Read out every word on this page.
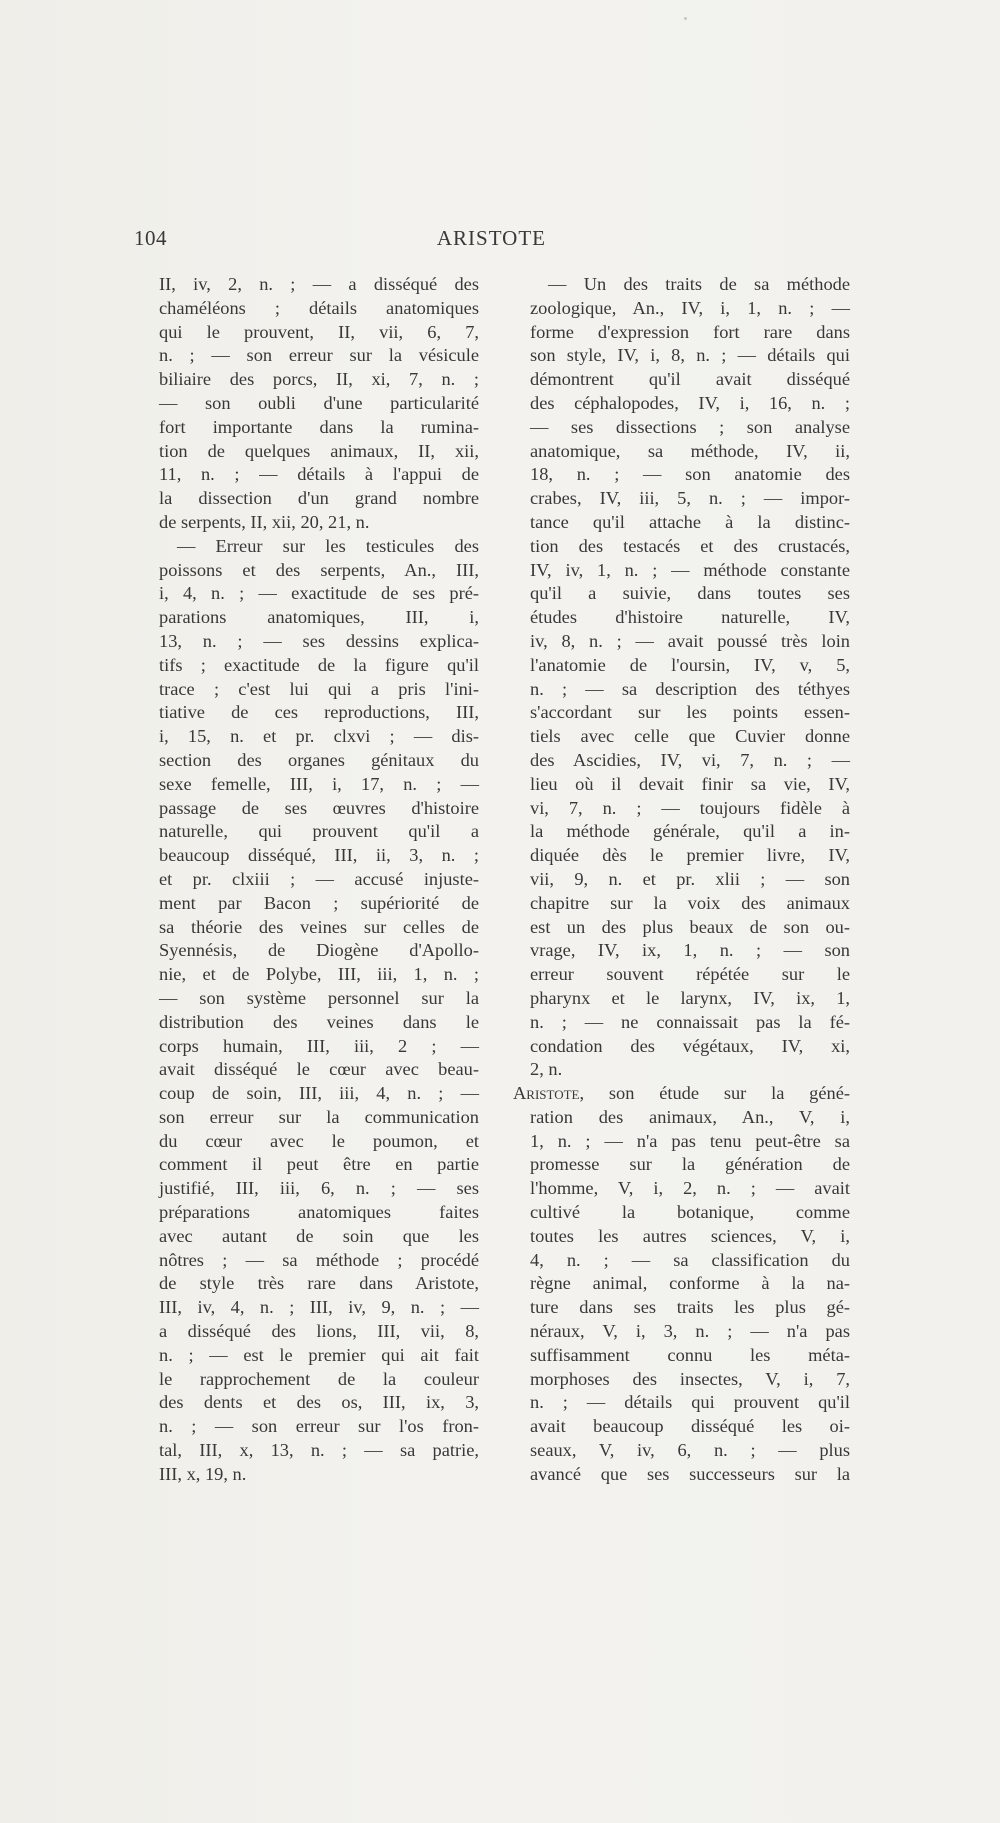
104	ARISTOTE
II, iv, 2, n. ; — a disséqué des
chaméléons ; détails anatomiques
qui le prouvent, II, vii, 6, 7,
n. ; — son erreur sur la vésicule
biliaire des porcs, II, xi, 7, n. ;
— son oubli d'une particularité
fort importante dans la rumina-
tion de quelques animaux, II, xii,
11, n. ; — détails à l'appui de
la dissection d'un grand nombre
de serpents, II, xii, 20, 21, n.
— Erreur sur les testicules des
poissons et des serpents, An., III,
i, 4, n. ; — exactitude de ses pré-
parations anatomiques, III, i,
13, n. ; — ses dessins explica-
tifs ; exactitude de la figure qu'il
trace ; c'est lui qui a pris l'ini-
tiative de ces reproductions, III,
i, 15, n. et pr. clxvi ; — dis-
section des organes génitaux du
sexe femelle, III, i, 17, n. ; —
passage de ses œuvres d'histoire
naturelle, qui prouvent qu'il a
beaucoup disséqué, III, ii, 3, n. ;
et pr. clxiii ; — accusé injuste-
ment par Bacon ; supériorité de
sa théorie des veines sur celles de
Syennésis, de Diogène d'Apollo-
nie, et de Polybe, III, iii, 1, n. ;
— son système personnel sur la
distribution des veines dans le
corps humain, III, iii, 2 ; —
avait disséqué le cœur avec beau-
coup de soin, III, iii, 4, n. ; —
son erreur sur la communication
du cœur avec le poumon, et
comment il peut être en partie
justifié, III, iii, 6, n. ; — ses
préparations anatomiques faites
avec autant de soin que les
nôtres ; — sa méthode ; procédé
de style très rare dans Aristote,
III, iv, 4, n. ; III, iv, 9, n. ; —
a disséqué des lions, III, vii, 8,
n. ; — est le premier qui ait fait
le rapprochement de la couleur
des dents et des os, III, ix, 3,
n. ; — son erreur sur l'os fron-
tal, III, x, 13, n. ; — sa patrie,
III, x, 19, n.
— Un des traits de sa méthode
zoologique, An., IV, i, 1, n. ; —
forme d'expression fort rare dans
son style, IV, i, 8, n. ; — détails qui
démontrent qu'il avait disséqué
des céphalopodes, IV, i, 16, n. ;
— ses dissections ; son analyse
anatomique, sa méthode, IV, ii,
18, n. ; — son anatomie des
crabes, IV, iii, 5, n. ; — impor-
tance qu'il attache à la distinc-
tion des testacés et des crustacés,
IV, iv, 1, n. ; — méthode constante
qu'il a suivie, dans toutes ses
études d'histoire naturelle, IV,
iv, 8, n. ; — avait poussé très loin
l'anatomie de l'oursin, IV, v, 5,
n. ; — sa description des téthyes
s'accordant sur les points essen-
tiels avec celle que Cuvier donne
des Ascidies, IV, vi, 7, n. ; —
lieu où il devait finir sa vie, IV,
vi, 7, n. ; — toujours fidèle à
la méthode générale, qu'il a in-
diquée dès le premier livre, IV,
vii, 9, n. et pr. xlii ; — son
chapitre sur la voix des animaux
est un des plus beaux de son ou-
vrage, IV, ix, 1, n. ; — son
erreur souvent répétée sur le
pharynx et le larynx, IV, ix, 1,
n. ; — ne connaissait pas la fé-
condation des végétaux, IV, xi,
2, n.
Aristote, son étude sur la géné-
ration des animaux, An., V, i,
1, n. ; — n'a pas tenu peut-être sa
promesse sur la génération de
l'homme, V, i, 2, n. ; — avait
cultivé la botanique, comme
toutes les autres sciences, V, i,
4, n. ; — sa classification du
règne animal, conforme à la na-
ture dans ses traits les plus gé-
néraux, V, i, 3, n. ; — n'a pas
suffisamment connu les méta-
morphoses des insectes, V, i, 7,
n. ; — détails qui prouvent qu'il
avait beaucoup disséqué les oi-
seaux, V, iv, 6, n. ; — plus
avancé que ses successeurs sur la
